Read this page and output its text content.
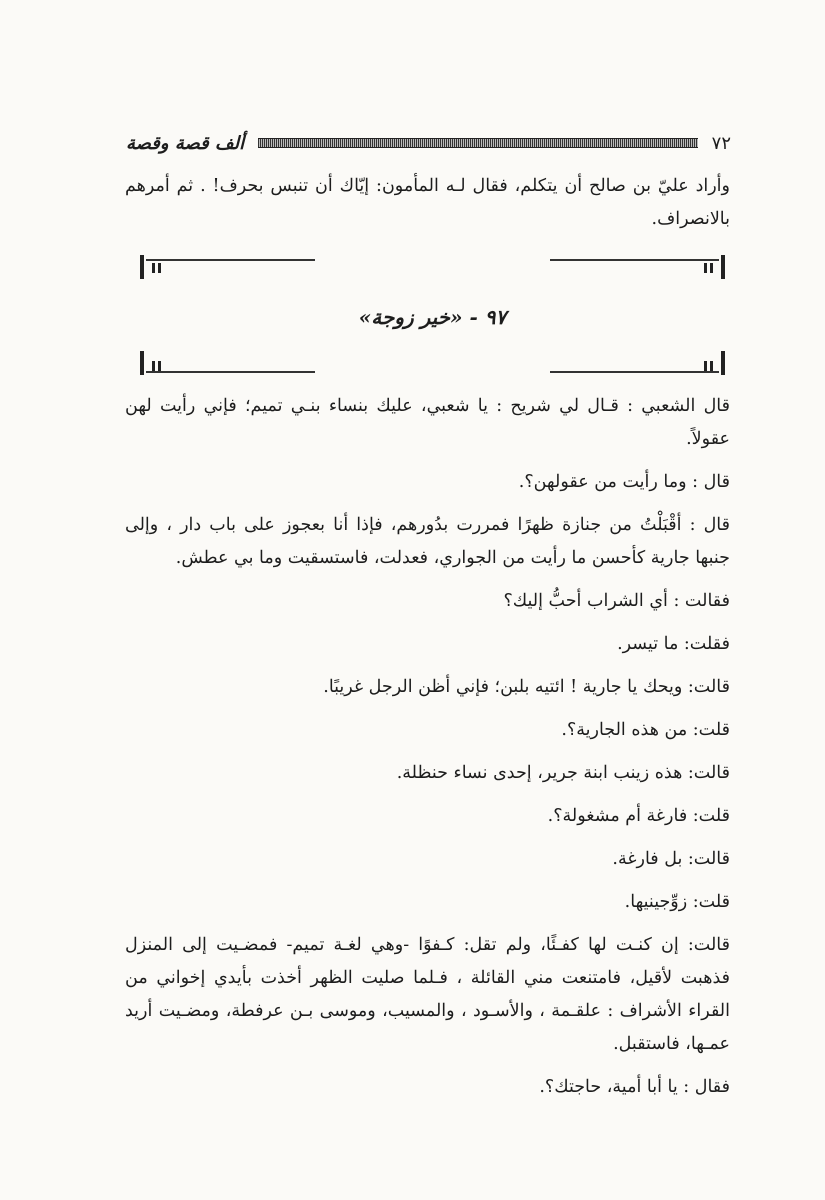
ألف قصة وقصة	٧٢

وأراد عليّ بن صالح أن يتكلم، فقال لـه المأمون: إيّاك أن تنبس بحرف! . ثم أمرهم بالانصراف.

٩٧ - «خير زوجة»

قال الشعبي : قـال لي شريح : يا شعبي، عليك بنساء بنـي تميم؛ فإني رأيت لهن عقولاً.

قال : وما رأيت من عقولهن؟.

قال : أقْبَلْتُ من جنازة ظهرًا فمررت بدُورهم، فإذا أنا بعجوز على باب دار ، وإلى جنبها جارية كأحسن ما رأيت من الجواري، فعدلت، فاستسقيت وما بي عطش.

فقالت : أي الشراب أحبُّ إليك؟

فقلت: ما تيسر.

قالت: ويحك يا جارية ! ائتيه بلبن؛ فإني أظن الرجل غريبًا.

قلت: من هذه الجارية؟.

قالت: هذه زينب ابنة جرير، إحدى نساء حنظلة.

قلت: فارغة أم مشغولة؟.

قالت: بل فارغة.

قلت: زوِّجينيها.

قالت: إن كنـت لها كفـئًا، ولم تقل: كـفوًا -وهي لغـة تميم- فمضـيت إلى المنزل فذهبت لأقيل، فامتنعت مني القائلة ، فـلما صليت الظهر أخذت بأيدي إخواني من القراء الأشراف : علقـمة ، والأسـود ، والمسيب، وموسى بـن عرفطة، ومضـيت أريد عمـها، فاستقبل.

فقال : يا أبا أمية، حاجتك؟.
